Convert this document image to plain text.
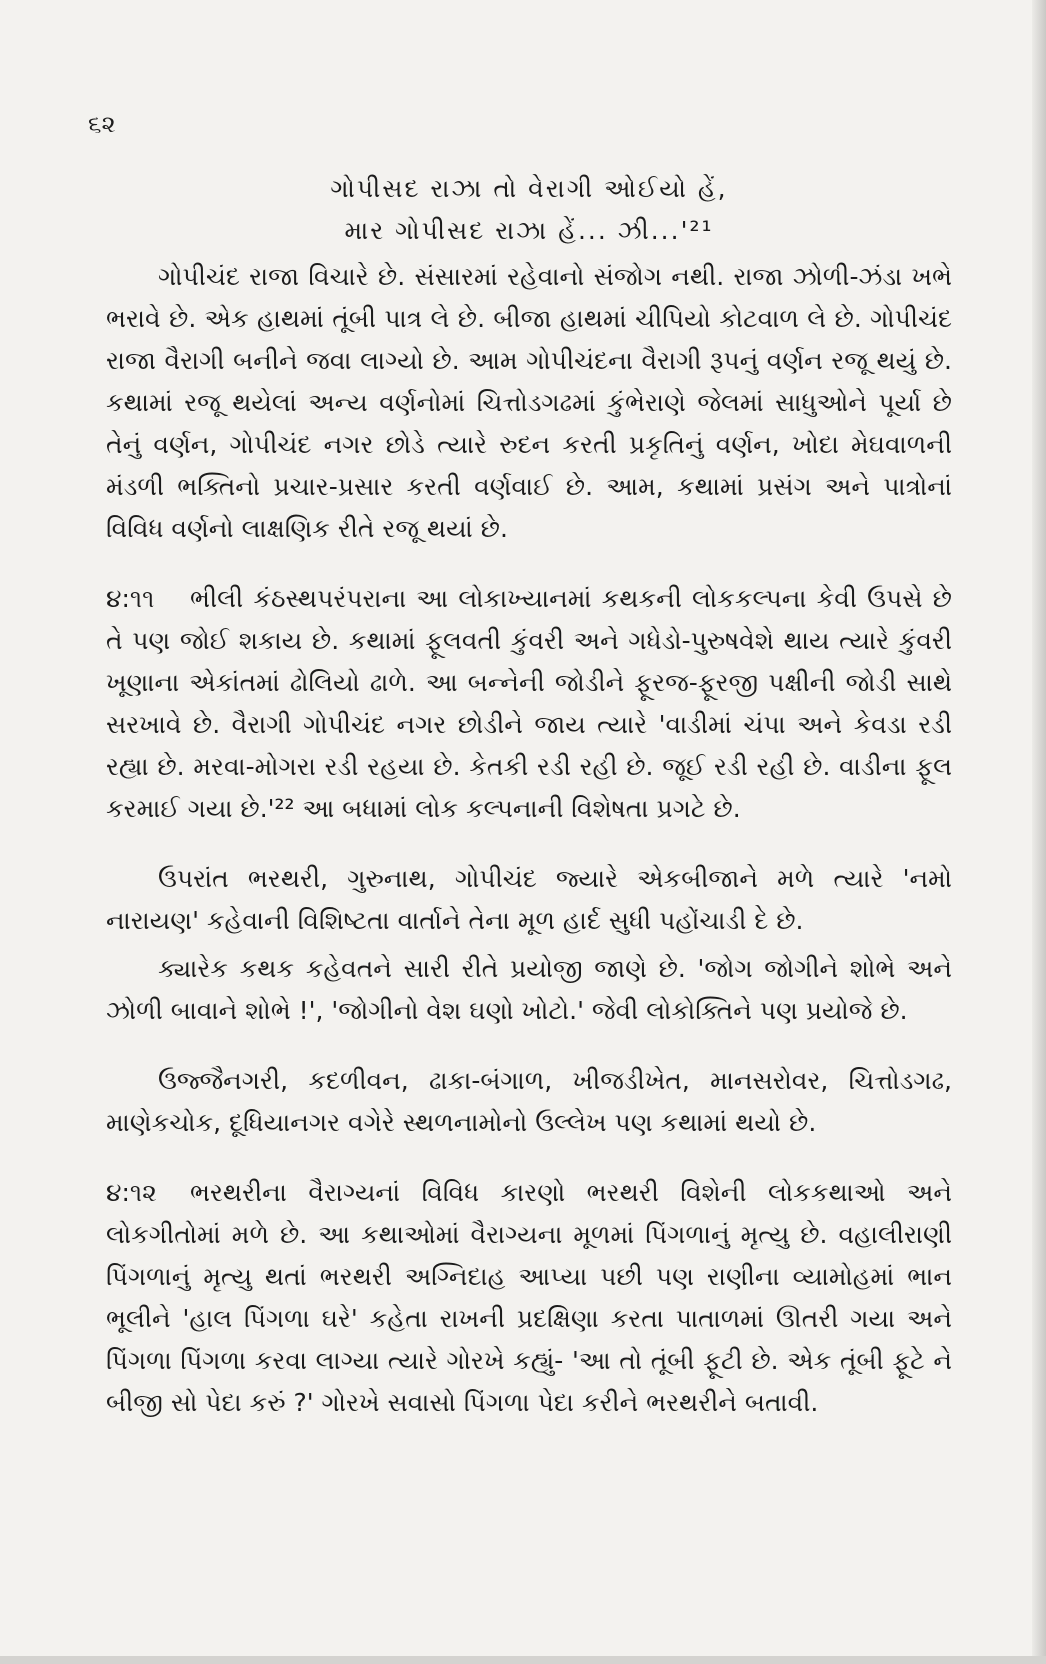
૬૨

ગોપીસદ રાઝા તો વેરાગી ઓઈયો હેં,

માર ગોપીસદ રાઝા હેં... ઝી...'²¹

ગોપીચંદ રાજા વિચારે છે. સંસારમાં રહેવાનો સંજોગ નથી. રાજા ઝોળી-ઝંડા ખભે ભરાવે છે. એક હાથમાં તૂંબી પાત્ર લે છે. બીજા હાથમાં ચીપિયો કોટવાળ લે છે. ગોપીચંદ રાજા વૈરાગી બનીને જવા લાગ્યો છે. આમ ગોપીચંદના વૈરાગી રૂપનું વર્ણન રજૂ થયું છે. કથામાં રજૂ થયેલાં અન્ય વર્ણનોમાં ચિત્તોડગઢમાં કુંભેરાણે જેલમાં સાધુઓને પૂર્યા છે તેનું વર્ણન, ગોપીચંદ નગર છોડે ત્યારે રુદન કરતી પ્રકૃતિનું વર્ણન, ખોદા મેઘવાળની મંડળી ભક્તિનો પ્રચાર-પ્રસાર કરતી વર્ણવાઈ છે. આમ, કથામાં પ્રસંગ અને પાત્રોનાં વિવિધ વર્ણનો લાક્ષણિક રીતે રજૂ થયાં છે.

૪:૧૧ ભીલી કંઠસ્થપરંપરાના આ લોકાખ્યાનમાં કથકની લોકકલ્પના કેવી ઉપસે છે તે પણ જોઈ શકાય છે. કથામાં ફૂલવતી કુંવરી અને ગધેડો-પુરુષવેશે થાય ત્યારે કુંવરી ખૂણાના એકાંતમાં ઢોલિયો ઢાળે. આ બન્નેની જોડીને ફૂરજ-ફૂરજી પક્ષીની જોડી સાથે સરખાવે છે. વૈરાગી ગોપીચંદ નગર છોડીને જાય ત્યારે 'વાડીમાં ચંપા અને કેવડા રડી રહ્યા છે. મરવા-મોગરા રડી રહયા છે. કેતકી રડી રહી છે. જૂઈ રડી રહી છે. વાડીના ફૂલ કરમાઈ ગયા છે.'²² આ બધામાં લોક કલ્પનાની વિશેષતા પ્રગટે છે.

ઉપરાંત ભરથરી, ગુરુનાથ, ગોપીચંદ જ્યારે એકબીજાને મળે ત્યારે 'નમો નારાયણ' કહેવાની વિશિષ્ટતા વાર્તાને તેના મૂળ હાર્દ સુધી પહોંચાડી દે છે.

ક્યારેક કથક કહેવતને સારી રીતે પ્રયોજી જાણે છે. 'જોગ જોગીને શોભે અને ઝોળી બાવાને શોભે !', 'જોગીનો વેશ ઘણો ખોટો.' જેવી લોકોક્તિને પણ પ્રયોજે છે.

ઉજ્જૈનગરી, કદળીવન, ઢાકા-બંગાળ, ખીજડીખેત, માનસરોવર, ચિત્તોડગઢ, માણેકચોક, દૂધિયાનગર વગેરે સ્થળનામોનો ઉલ્લેખ પણ કથામાં થયો છે.

૪:૧૨ ભરથરીના વૈરાગ્યનાં વિવિધ કારણો ભરથરી વિશેની લોકકથાઓ અને લોકગીતોમાં મળે છે. આ કથાઓમાં વૈરાગ્યના મૂળમાં પિંગળાનું મૃત્યુ છે. વહાલીરાણી પિંગળાનું મૃત્યુ થતાં ભરથરી અગ્નિદાહ આપ્યા પછી પણ રાણીના વ્યામોહમાં ભાન ભૂલીને 'હાલ પિંગળા ઘરે' કહેતા રાખની પ્રદક્ષિણા કરતા પાતાળમાં ઊતરી ગયા અને પિંગળા પિંગળા કરવા લાગ્યા ત્યારે ગોરખે કહ્યું- 'આ તો તૂંબી ફૂટી છે. એક તૂંબી ફૂટે ને બીજી સો પેદા કરું ?' ગોરખે સવાસો પિંગળા પેદા કરીને ભરથરીને બતાવી.
